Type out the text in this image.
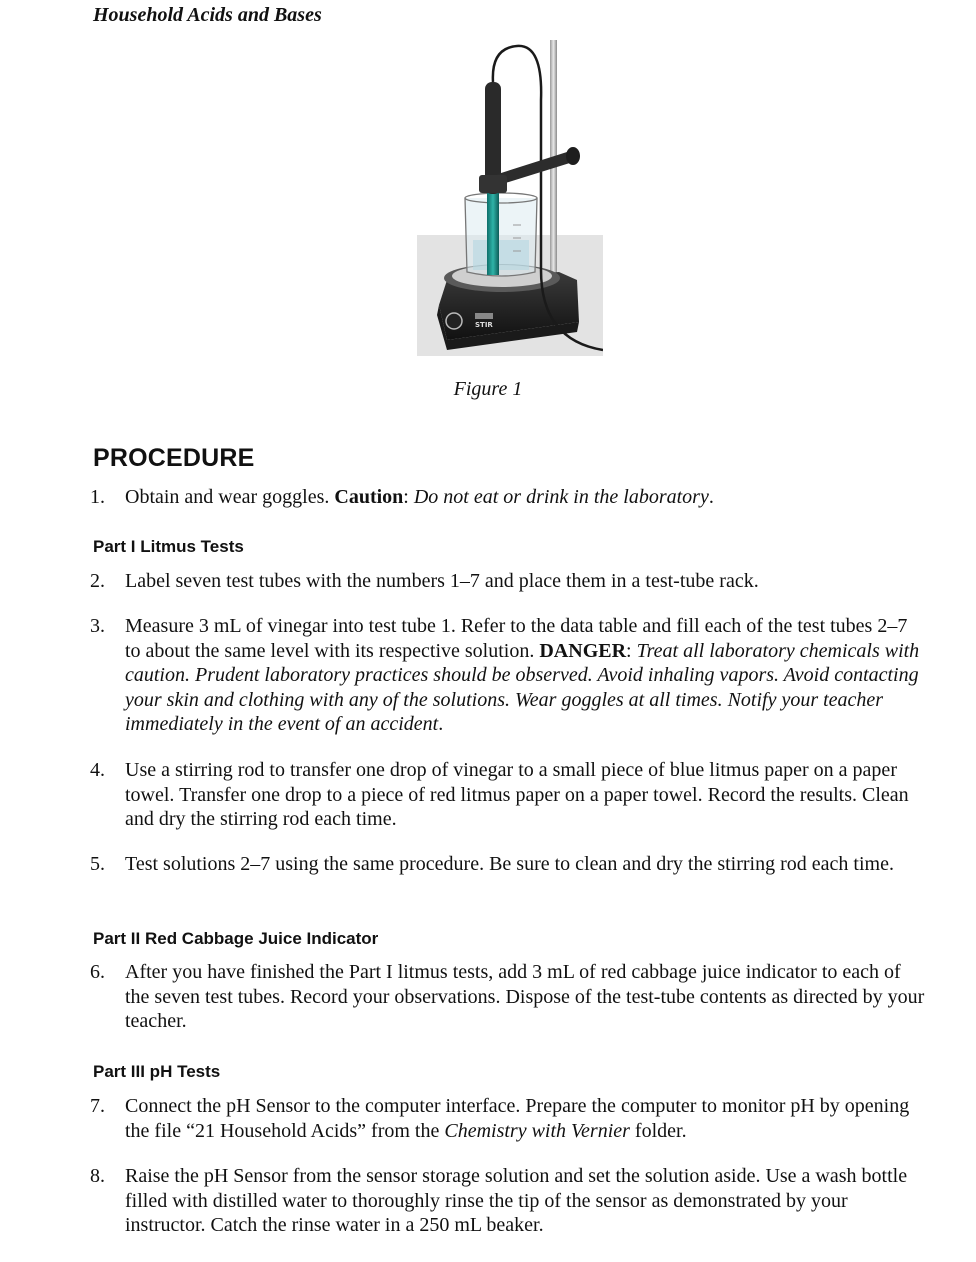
Household Acids and Bases
STIR
Figure 1
PROCEDURE
1.	Obtain and wear goggles. Caution: Do not eat or drink in the laboratory.
Part I Litmus Tests
2.	Label seven test tubes with the numbers 1–7 and place them in a test-tube rack.
3.	Measure 3 mL of vinegar into test tube 1. Refer to the data table and fill each of the test tubes 2–7 to about the same level with its respective solution. DANGER: Treat all laboratory chemicals with caution. Prudent laboratory practices should be observed. Avoid inhaling vapors. Avoid contacting your skin and clothing with any of the solutions. Wear goggles at all times. Notify your teacher immediately in the event of an accident.
4.	Use a stirring rod to transfer one drop of vinegar to a small piece of blue litmus paper on a paper towel. Transfer one drop to a piece of red litmus paper on a paper towel. Record the results. Clean and dry the stirring rod each time.
5.	Test solutions 2–7 using the same procedure. Be sure to clean and dry the stirring rod each time.
Part II Red Cabbage Juice Indicator
6.	After you have finished the Part I litmus tests, add 3 mL of red cabbage juice indicator to each of the seven test tubes. Record your observations. Dispose of the test-tube contents as directed by your teacher.
Part III pH Tests
7.	Connect the pH Sensor to the computer interface. Prepare the computer to monitor pH by opening the file “21 Household Acids” from the Chemistry with Vernier folder.
8.	Raise the pH Sensor from the sensor storage solution and set the solution aside. Use a wash bottle filled with distilled water to thoroughly rinse the tip of the sensor as demonstrated by your instructor. Catch the rinse water in a 250 mL beaker.
